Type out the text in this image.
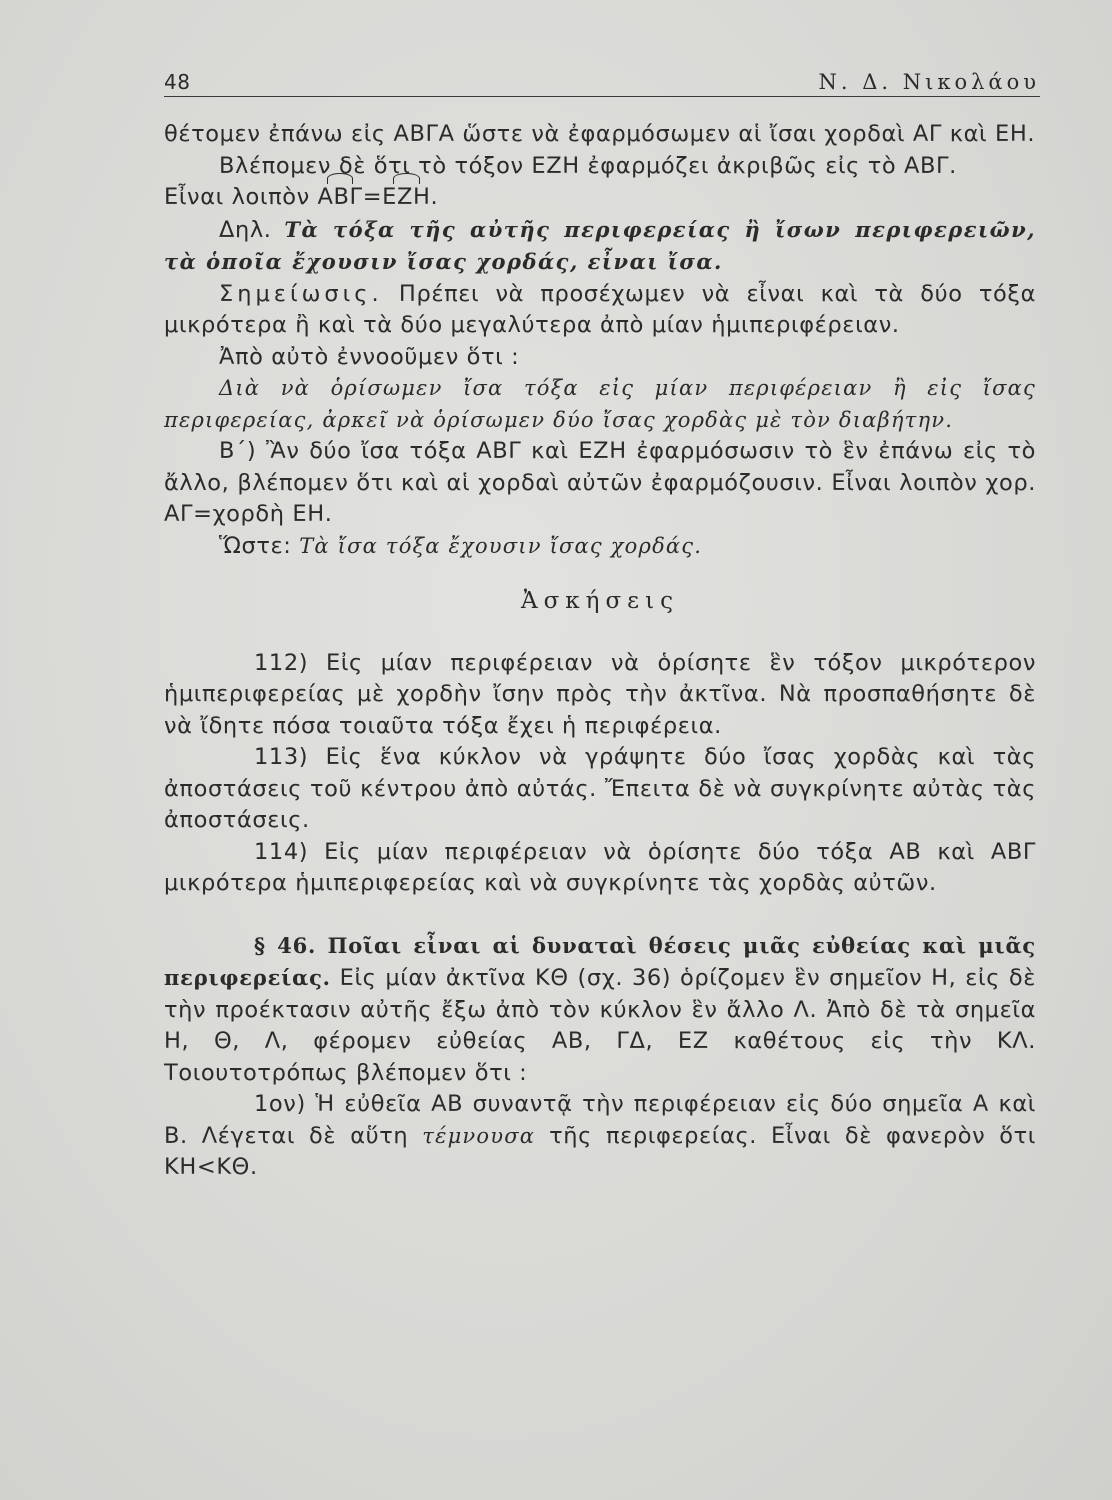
48	Ν. Δ. Νικολάου

θέτομεν ἐπάνω εἰς ΑΒΓΑ ὥστε νὰ ἐφαρμόσωμεν αἱ ἴσαι χορδαὶ ΑΓ καὶ ΕΗ.

Βλέπομεν δὲ ὅτι τὸ τόξον ΕΖΗ ἐφαρμόζει ἀκριβῶς εἰς τὸ ΑΒΓ.

Εἶναι λοιπὸν ΑΒΓ=ΕΖΗ.

Δηλ. Τὰ τόξα τῆς αὐτῆς περιφερείας ἢ ἴσων περιφερειῶν, τὰ ὁποῖα ἔχουσιν ἴσας χορδάς, εἶναι ἴσα.

Σημείωσις. Πρέπει νὰ προσέχωμεν νὰ εἶναι καὶ τὰ δύο τόξα μικρότερα ἢ καὶ τὰ δύο μεγαλύτερα ἀπὸ μίαν ἡμιπεριφέρειαν.

Ἀπὸ αὐτὸ ἐννοοῦμεν ὅτι :

Διὰ νὰ ὁρίσωμεν ἴσα τόξα εἰς μίαν περιφέρειαν ἢ εἰς ἴσας περιφερείας, ἀρκεῖ νὰ ὁρίσωμεν δύο ἴσας χορδὰς μὲ τὸν διαβήτην.

Β΄) Ἂν δύο ἴσα τόξα ΑΒΓ καὶ ΕΖΗ ἐφαρμόσωσιν τὸ ἓν ἐπάνω εἰς τὸ ἄλλο, βλέπομεν ὅτι καὶ αἱ χορδαὶ αὐτῶν ἐφαρμόζουσιν. Εἶναι λοιπὸν χορ. ΑΓ=χορδὴ ΕΗ.

Ὥστε: Τὰ ἴσα τόξα ἔχουσιν ἴσας χορδάς.

Ἀσκήσεις

112) Εἰς μίαν περιφέρειαν νὰ ὁρίσητε ἓν τόξον μικρότερον ἡμιπεριφερείας μὲ χορδὴν ἴσην πρὸς τὴν ἀκτῖνα. Νὰ προσπαθήσητε δὲ νὰ ἴδητε πόσα τοιαῦτα τόξα ἔχει ἡ περιφέρεια.

113) Εἰς ἕνα κύκλον νὰ γράψητε δύο ἴσας χορδὰς καὶ τὰς ἀποστάσεις τοῦ κέντρου ἀπὸ αὐτάς. Ἔπειτα δὲ νὰ συγκρίνητε αὐτὰς τὰς ἀποστάσεις.

114) Εἰς μίαν περιφέρειαν νὰ ὁρίσητε δύο τόξα ΑΒ καὶ ΑΒΓ μικρότερα ἡμιπεριφερείας καὶ νὰ συγκρίνητε τὰς χορδὰς αὐτῶν.

§ 46. Ποῖαι εἶναι αἱ δυναταὶ θέσεις μιᾶς εὐθείας καὶ μιᾶς περιφερείας. Εἰς μίαν ἀκτῖνα ΚΘ (σχ. 36) ὁρίζομεν ἓν σημεῖον Η, εἰς δὲ τὴν προέκτασιν αὐτῆς ἔξω ἀπὸ τὸν κύκλον ἓν ἄλλο Λ. Ἀπὸ δὲ τὰ σημεῖα Η, Θ, Λ, φέρομεν εὐθείας ΑΒ, ΓΔ, ΕΖ καθέτους εἰς τὴν ΚΛ. Τοιουτοτρόπως βλέπομεν ὅτι :

1ον) Ἡ εὐθεῖα ΑΒ συναντᾷ τὴν περιφέρειαν εἰς δύο σημεῖα Α καὶ Β. Λέγεται δὲ αὕτη τέμνουσα τῆς περιφερείας. Εἶναι δὲ φανερὸν ὅτι ΚΗ<ΚΘ.
